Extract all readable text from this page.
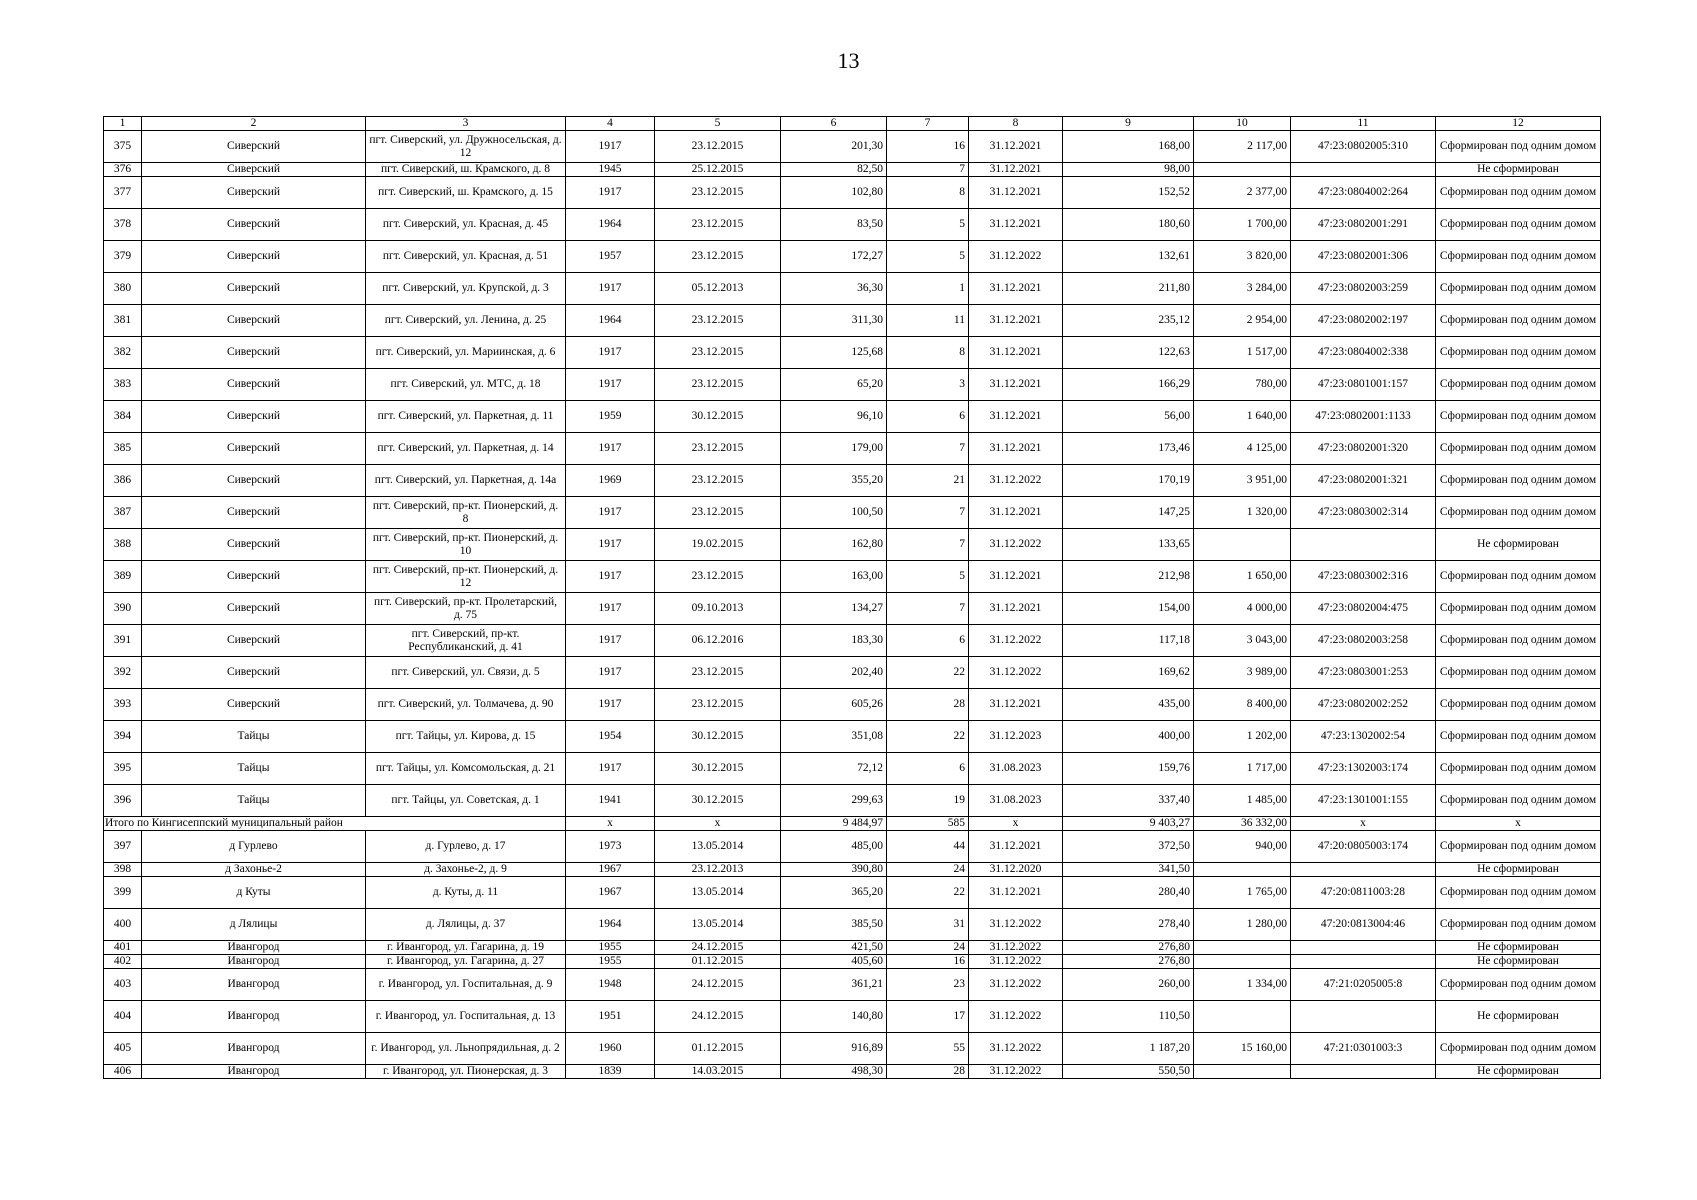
13
1	2	3	4	5	6	7	8	9	10	11	12
375	Сиверский	пгт. Сиверский, ул. Дружносельская, д. 12	1917	23.12.2015	201,30	16	31.12.2021	168,00	2 117,00	47:23:0802005:310	Сформирован под одним домом
376	Сиверский	пгт. Сиверский, ш. Крамского, д. 8	1945	25.12.2015	82,50	7	31.12.2021	98,00			Не сформирован
377	Сиверский	пгт. Сиверский, ш. Крамского, д. 15	1917	23.12.2015	102,80	8	31.12.2021	152,52	2 377,00	47:23:0804002:264	Сформирован под одним домом
378	Сиверский	пгт. Сиверский, ул. Красная, д. 45	1964	23.12.2015	83,50	5	31.12.2021	180,60	1 700,00	47:23:0802001:291	Сформирован под одним домом
379	Сиверский	пгт. Сиверский, ул. Красная, д. 51	1957	23.12.2015	172,27	5	31.12.2022	132,61	3 820,00	47:23:0802001:306	Сформирован под одним домом
380	Сиверский	пгт. Сиверский, ул. Крупской, д. 3	1917	05.12.2013	36,30	1	31.12.2021	211,80	3 284,00	47:23:0802003:259	Сформирован под одним домом
381	Сиверский	пгт. Сиверский, ул. Ленина, д. 25	1964	23.12.2015	311,30	11	31.12.2021	235,12	2 954,00	47:23:0802002:197	Сформирован под одним домом
382	Сиверский	пгт. Сиверский, ул. Мариинская, д. 6	1917	23.12.2015	125,68	8	31.12.2021	122,63	1 517,00	47:23:0804002:338	Сформирован под одним домом
383	Сиверский	пгт. Сиверский, ул. МТС, д. 18	1917	23.12.2015	65,20	3	31.12.2021	166,29	780,00	47:23:0801001:157	Сформирован под одним домом
384	Сиверский	пгт. Сиверский, ул. Паркетная, д. 11	1959	30.12.2015	96,10	6	31.12.2021	56,00	1 640,00	47:23:0802001:1133	Сформирован под одним домом
385	Сиверский	пгт. Сиверский, ул. Паркетная, д. 14	1917	23.12.2015	179,00	7	31.12.2021	173,46	4 125,00	47:23:0802001:320	Сформирован под одним домом
386	Сиверский	пгт. Сиверский, ул. Паркетная, д. 14а	1969	23.12.2015	355,20	21	31.12.2022	170,19	3 951,00	47:23:0802001:321	Сформирован под одним домом
387	Сиверский	пгт. Сиверский, пр-кт. Пионерский, д. 8	1917	23.12.2015	100,50	7	31.12.2021	147,25	1 320,00	47:23:0803002:314	Сформирован под одним домом
388	Сиверский	пгт. Сиверский, пр-кт. Пионерский, д. 10	1917	19.02.2015	162,80	7	31.12.2022	133,65			Не сформирован
389	Сиверский	пгт. Сиверский, пр-кт. Пионерский, д. 12	1917	23.12.2015	163,00	5	31.12.2021	212,98	1 650,00	47:23:0803002:316	Сформирован под одним домом
390	Сиверский	пгт. Сиверский, пр-кт. Пролетарский, д. 75	1917	09.10.2013	134,27	7	31.12.2021	154,00	4 000,00	47:23:0802004:475	Сформирован под одним домом
391	Сиверский	пгт. Сиверский, пр-кт. Республиканский, д. 41	1917	06.12.2016	183,30	6	31.12.2022	117,18	3 043,00	47:23:0802003:258	Сформирован под одним домом
392	Сиверский	пгт. Сиверский, ул. Связи, д. 5	1917	23.12.2015	202,40	22	31.12.2022	169,62	3 989,00	47:23:0803001:253	Сформирован под одним домом
393	Сиверский	пгт. Сиверский, ул. Толмачева, д. 90	1917	23.12.2015	605,26	28	31.12.2021	435,00	8 400,00	47:23:0802002:252	Сформирован под одним домом
394	Тайцы	пгт. Тайцы, ул. Кирова, д. 15	1954	30.12.2015	351,08	22	31.12.2023	400,00	1 202,00	47:23:1302002:54	Сформирован под одним домом
395	Тайцы	пгт. Тайцы, ул. Комсомольская, д. 21	1917	30.12.2015	72,12	6	31.08.2023	159,76	1 717,00	47:23:1302003:174	Сформирован под одним домом
396	Тайцы	пгт. Тайцы, ул. Советская, д. 1	1941	30.12.2015	299,63	19	31.08.2023	337,40	1 485,00	47:23:1301001:155	Сформирован под одним домом
Итого по Кингисеппский муниципальный район			х	х	9 484,97	585	х	9 403,27	36 332,00	х	х
397	д Гурлево	д. Гурлево, д. 17	1973	13.05.2014	485,00	44	31.12.2021	372,50	940,00	47:20:0805003:174	Сформирован под одним домом
398	д Захонье-2	д. Захонье-2, д. 9	1967	23.12.2013	390,80	24	31.12.2020	341,50			Не сформирован
399	д Куты	д. Куты, д. 11	1967	13.05.2014	365,20	22	31.12.2021	280,40	1 765,00	47:20:0811003:28	Сформирован под одним домом
400	д Лялицы	д. Лялицы, д. 37	1964	13.05.2014	385,50	31	31.12.2022	278,40	1 280,00	47:20:0813004:46	Сформирован под одним домом
401	Ивангород	г. Ивангород, ул. Гагарина, д. 19	1955	24.12.2015	421,50	24	31.12.2022	276,80			Не сформирован
402	Ивангород	г. Ивангород, ул. Гагарина, д. 27	1955	01.12.2015	405,60	16	31.12.2022	276,80			Не сформирован
403	Ивангород	г. Ивангород, ул. Госпитальная, д. 9	1948	24.12.2015	361,21	23	31.12.2022	260,00	1 334,00	47:21:0205005:8	Сформирован под одним домом
404	Ивангород	г. Ивангород, ул. Госпитальная, д. 13	1951	24.12.2015	140,80	17	31.12.2022	110,50			Не сформирован
405	Ивангород	г. Ивангород, ул. Льнопрядильная, д. 2	1960	01.12.2015	916,89	55	31.12.2022	1 187,20	15 160,00	47:21:0301003:3	Сформирован под одним домом
406	Ивангород	г. Ивангород, ул. Пионерская, д. 3	1839	14.03.2015	498,30	28	31.12.2022	550,50			Не сформирован
